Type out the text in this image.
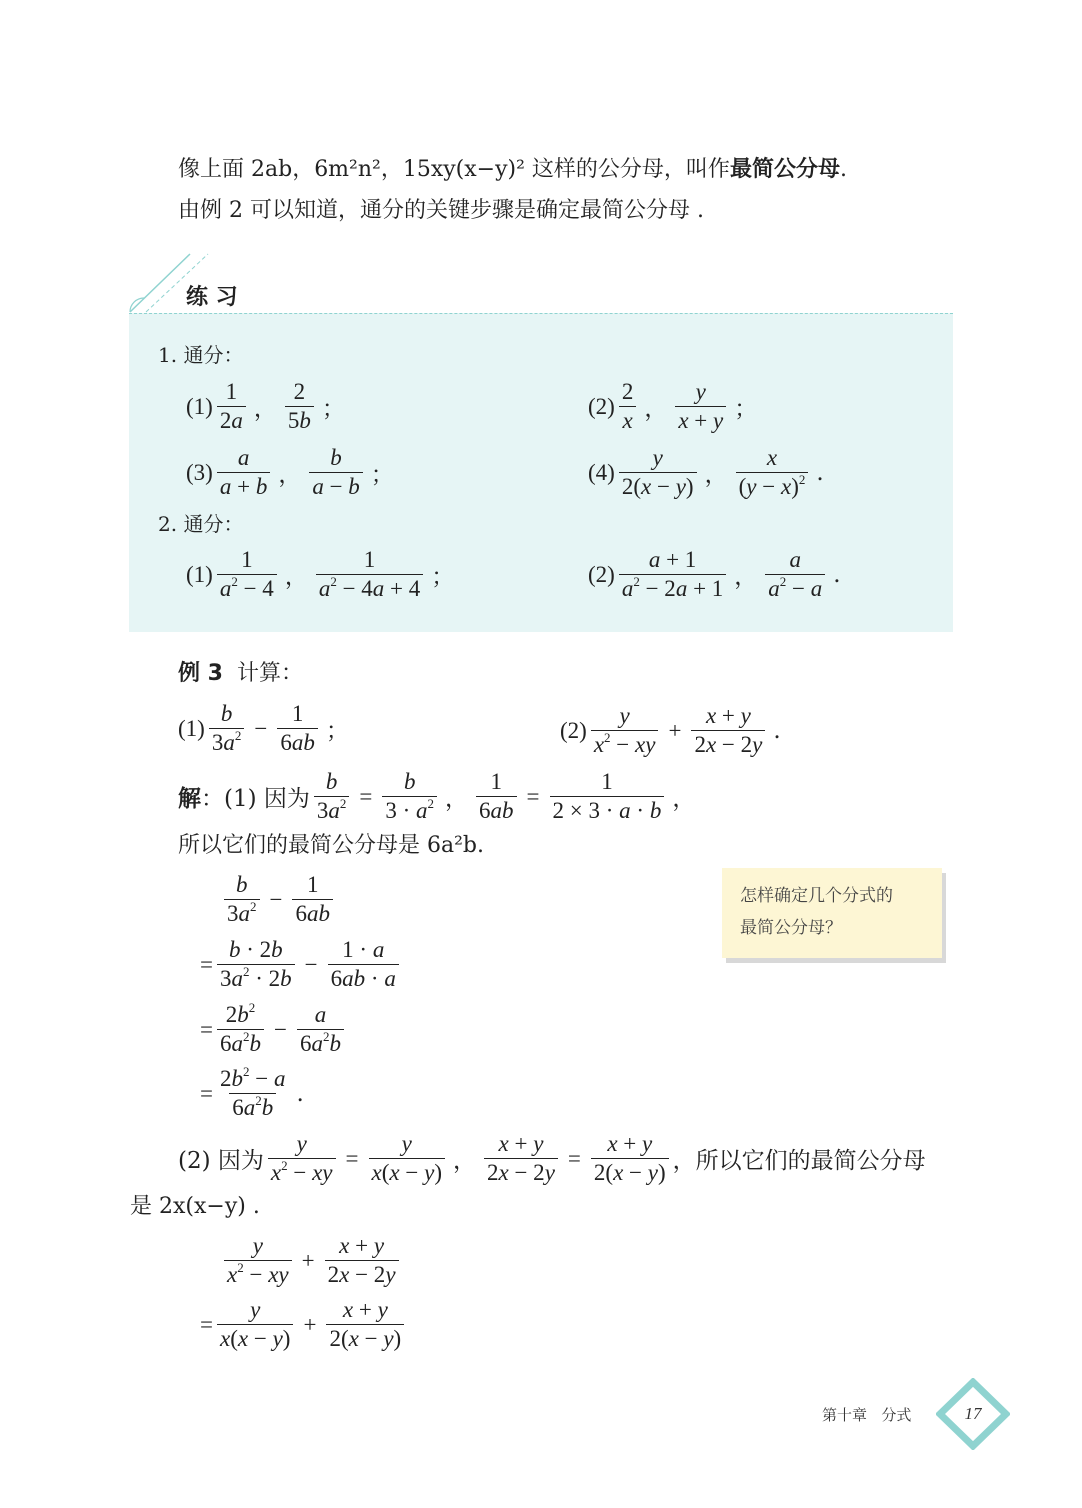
像上面 2ab，6m²n²，15xy(x−y)² 这样的公分母，叫作最简公分母.
由例 2 可以知道，通分的关键步骤是确定最简公分母 .
练 习
1. 通分：
$(1) \frac{1}{2a}$ ， $\frac{2}{5b}$ ；	$(2) \frac{2}{x}$ ， $\frac{y}{x + y}$ ；
$(3) \frac{a}{a + b}$ ， $\frac{b}{a - b}$ ；	$(4) \frac{y}{2(x - y)}$ ， $\frac{x}{(y - x)^2}$ .
2. 通分：
$(1) \frac{1}{a^2 - 4}$ ， $\frac{1}{a^2 - 4a + 4}$ ；	$(2) \frac{a + 1}{a^2 - 2a + 1}$ ， $\frac{a}{a^2 - a}$ .
例 3 计算：
$(1) \frac{b}{3a^2} - \frac{1}{6ab}$ ；	$(2) \frac{y}{x^2 - xy} + \frac{x + y}{2x - 2y}$ .
解 ： (1) 因为 $\frac{b}{3a^2} = \frac{b}{3 \cdot a^2}$ ， $\frac{1}{6ab} = \frac{1}{2 \times 3 \cdot a \cdot b}$ ，
所以它们的最简公分母是 6a²b.
$\frac{b}{3a^2} - \frac{1}{6ab}$
= $\frac{b \cdot 2b}{3a^2 \cdot 2b} - \frac{1 \cdot a}{6ab \cdot a}$
= $\frac{2b^2}{6a^2b} - \frac{a}{6a^2b}$
= $\frac{2b^2 - a}{6a^2b}$ .
怎样确定几个分式的
最简公分母？
(2) 因为 $\frac{y}{x^2 - xy} = \frac{y}{x(x - y)}$ ， $\frac{x + y}{2x - 2y} = \frac{x + y}{2(x - y)}$ ，所以它们的最简公分母
是 2x(x−y) .
$\frac{y}{x^2 - xy} + \frac{x + y}{2x - 2y}$
= $\frac{y}{x(x - y)} + \frac{x + y}{2(x - y)}$
第十章 分式	17
